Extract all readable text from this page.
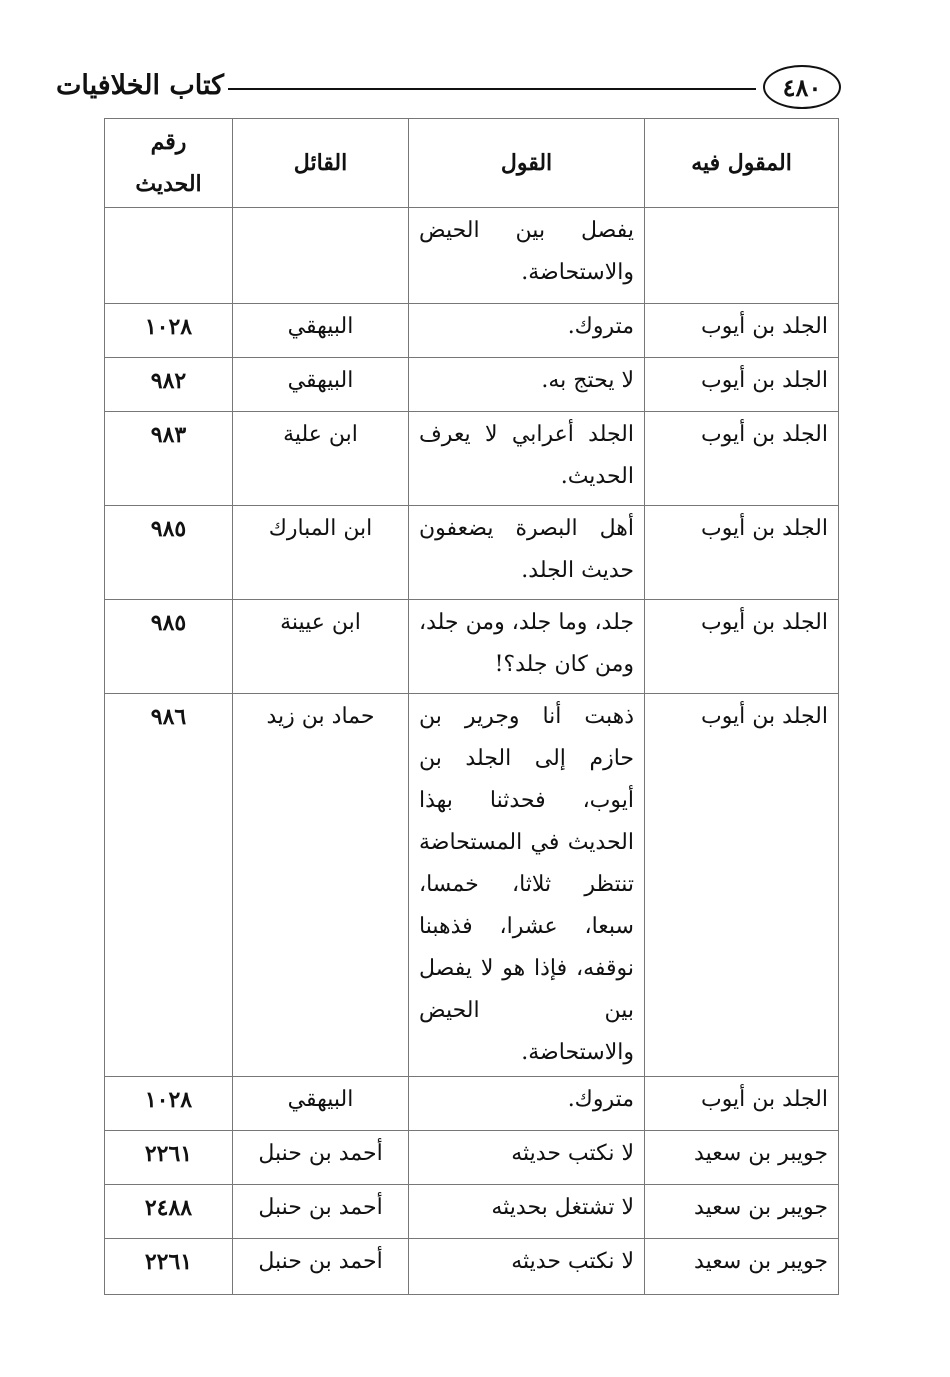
كتاب الخلافيات	٤٨٠
المقول فيه	القول	القائل	رقم الحديث
	يفصل بين الحيض والاستحاضة.		
الجلد بن أيوب	متروك.	البيهقي	١٠٢٨
الجلد بن أيوب	لا يحتج به.	البيهقي	٩٨٢
الجلد بن أيوب	الجلد أعرابي لا يعرف الحديث.	ابن علية	٩٨٣
الجلد بن أيوب	أهل البصرة يضعفون حديث الجلد.	ابن المبارك	٩٨٥
الجلد بن أيوب	جلد، وما جلد، ومن جلد، ومن كان جلد؟!	ابن عيينة	٩٨٥
الجلد بن أيوب	ذهبت أنا وجرير بن حازم إلى الجلد بن أيوب، فحدثنا بهذا الحديث في المستحاضة تنتظر ثلاثا، خمسا، سبعا، عشرا، فذهبنا نوقفه، فإذا هو لا يفصل بين الحيض والاستحاضة.	حماد بن زيد	٩٨٦
الجلد بن أيوب	متروك.	البيهقي	١٠٢٨
جويبر بن سعيد	لا نكتب حديثه	أحمد بن حنبل	٢٢٦١
جويبر بن سعيد	لا تشتغل بحديثه	أحمد بن حنبل	٢٤٨٨
جويبر بن سعيد	لا نكتب حديثه	أحمد بن حنبل	٢٢٦١
